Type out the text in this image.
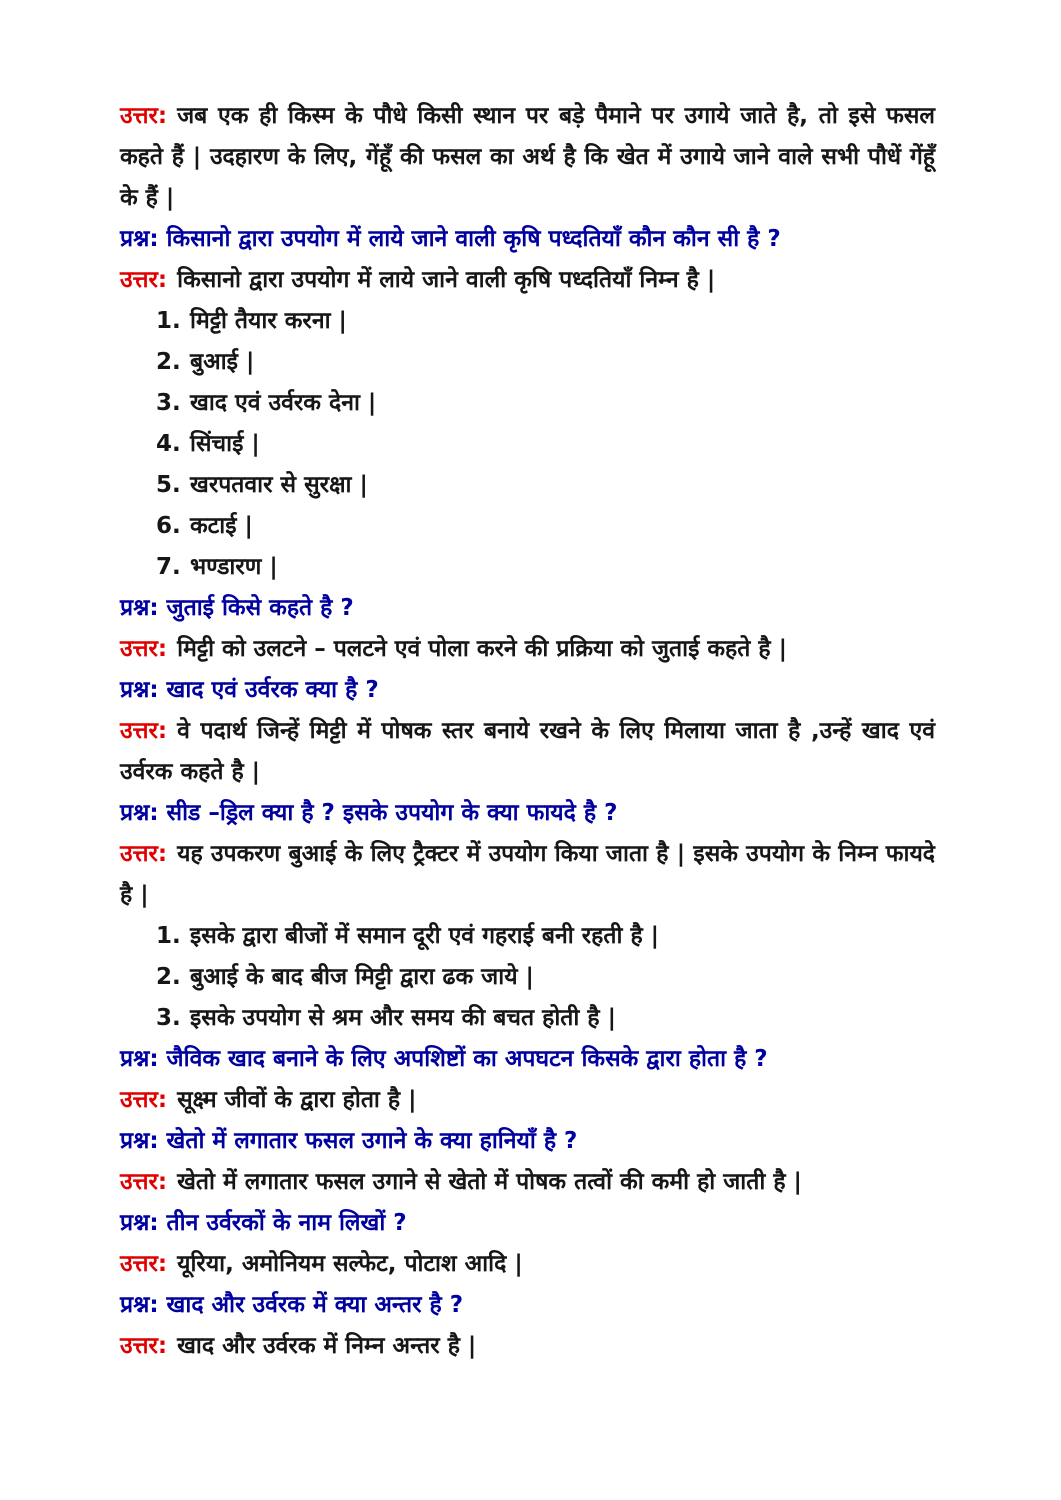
उत्तर: जब एक ही किस्म के पौधे किसी स्थान पर बड़े पैमाने पर उगाये जाते है, तो इसे फसल कहते हैं | उदहारण के लिए, गेंहूँ की फसल का अर्थ है कि खेत में उगाये जाने वाले सभी पौधें गेंहूँ के हैं |

प्रश्न: किसानो द्वारा उपयोग में लाये जाने वाली कृषि पध्दतियाँ कौन कौन सी है ?

उत्तर: किसानो द्वारा उपयोग में लाये जाने वाली कृषि पध्दतियाँ निम्न है |

मिट्टी तैयार करना |
बुआई |
खाद एवं उर्वरक देना |
सिंचाई |
खरपतवार से सुरक्षा |
कटाई |
भण्डारण |

प्रश्न: जुताई किसे कहते है ?

उत्तर: मिट्टी को उलटने – पलटने एवं पोला करने की प्रक्रिया को जुताई कहते है |

प्रश्न: खाद एवं उर्वरक क्या है ?

उत्तर: वे पदार्थ जिन्हें मिट्टी में पोषक स्तर बनाये रखने के लिए मिलाया जाता है ,उन्हें खाद एवं उर्वरक कहते है |

प्रश्न: सीड –ड्रिल क्या है ? इसके उपयोग के क्या फायदे है ?

उत्तर: यह उपकरण बुआई के लिए ट्रैक्टर में उपयोग किया जाता है | इसके उपयोग के निम्न फायदे है |

इसके द्वारा बीजों में समान दूरी एवं गहराई बनी रहती है |
बुआई के बाद बीज मिट्टी द्वारा ढक जाये |
इसके उपयोग से श्रम और समय की बचत होती है |

प्रश्न: जैविक खाद बनाने के लिए अपशिष्टों का अपघटन किसके द्वारा होता है ?

उत्तर: सूक्ष्म जीवों के द्वारा होता है |

प्रश्न: खेतो में लगातार फसल उगाने के क्या हानियाँ है ?

उत्तर: खेतो में लगातार फसल उगाने से खेतो में पोषक तत्वों की कमी हो जाती है |

प्रश्न: तीन उर्वरकों के नाम लिखों ?

उत्तर: यूरिया, अमोनियम सल्फेट, पोटाश आदि |

प्रश्न: खाद और उर्वरक में क्या अन्तर है ?

उत्तर: खाद और उर्वरक में निम्न अन्तर है |
